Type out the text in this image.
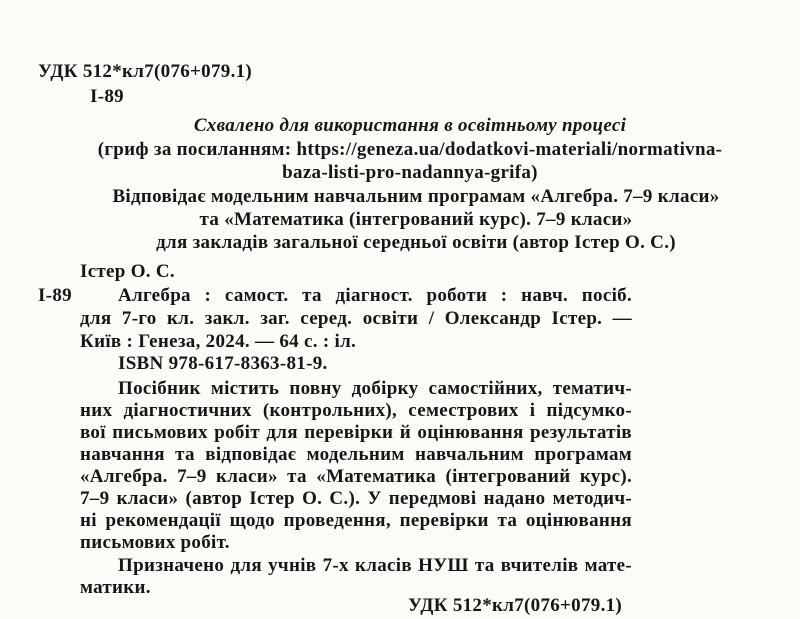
УДК 512*кл7(076+079.1)
І-89
Схвалено для використання в освітньому процесі
(гриф за посиланням: https://geneza.ua/dodatkovi-materiali/normativna-
baza-listi-pro-nadannya-grifa)
Відповідає модельним навчальним програмам «Алгебра. 7–9 класи»
та «Математика (інтегрований курс). 7–9 класи»
для закладів загальної середньої освіти (автор Істер О. С.)
Істер О. С.
І-89 Алгебра : самост. та діагност. роботи : навч. посіб.
для 7-го кл. закл. заг. серед. освіти / Олександр Істер. —
Київ : Генеза, 2024. — 64 с. : іл.
ISBN 978-617-8363-81-9.
Посібник містить повну добірку самостійних, тематич-
них діагностичних (контрольних), семестрових і підсумко-
вої письмових робіт для перевірки й оцінювання результатів
навчання та відповідає модельним навчальним програмам
«Алгебра. 7–9 класи» та «Математика (інтегрований курс).
7–9 класи» (автор Істер О. С.). У передмові надано методич-
ні рекомендації щодо проведення, перевірки та оцінювання
письмових робіт.
Призначено для учнів 7-х класів НУШ та вчителів мате-
матики.
УДК 512*кл7(076+079.1)
